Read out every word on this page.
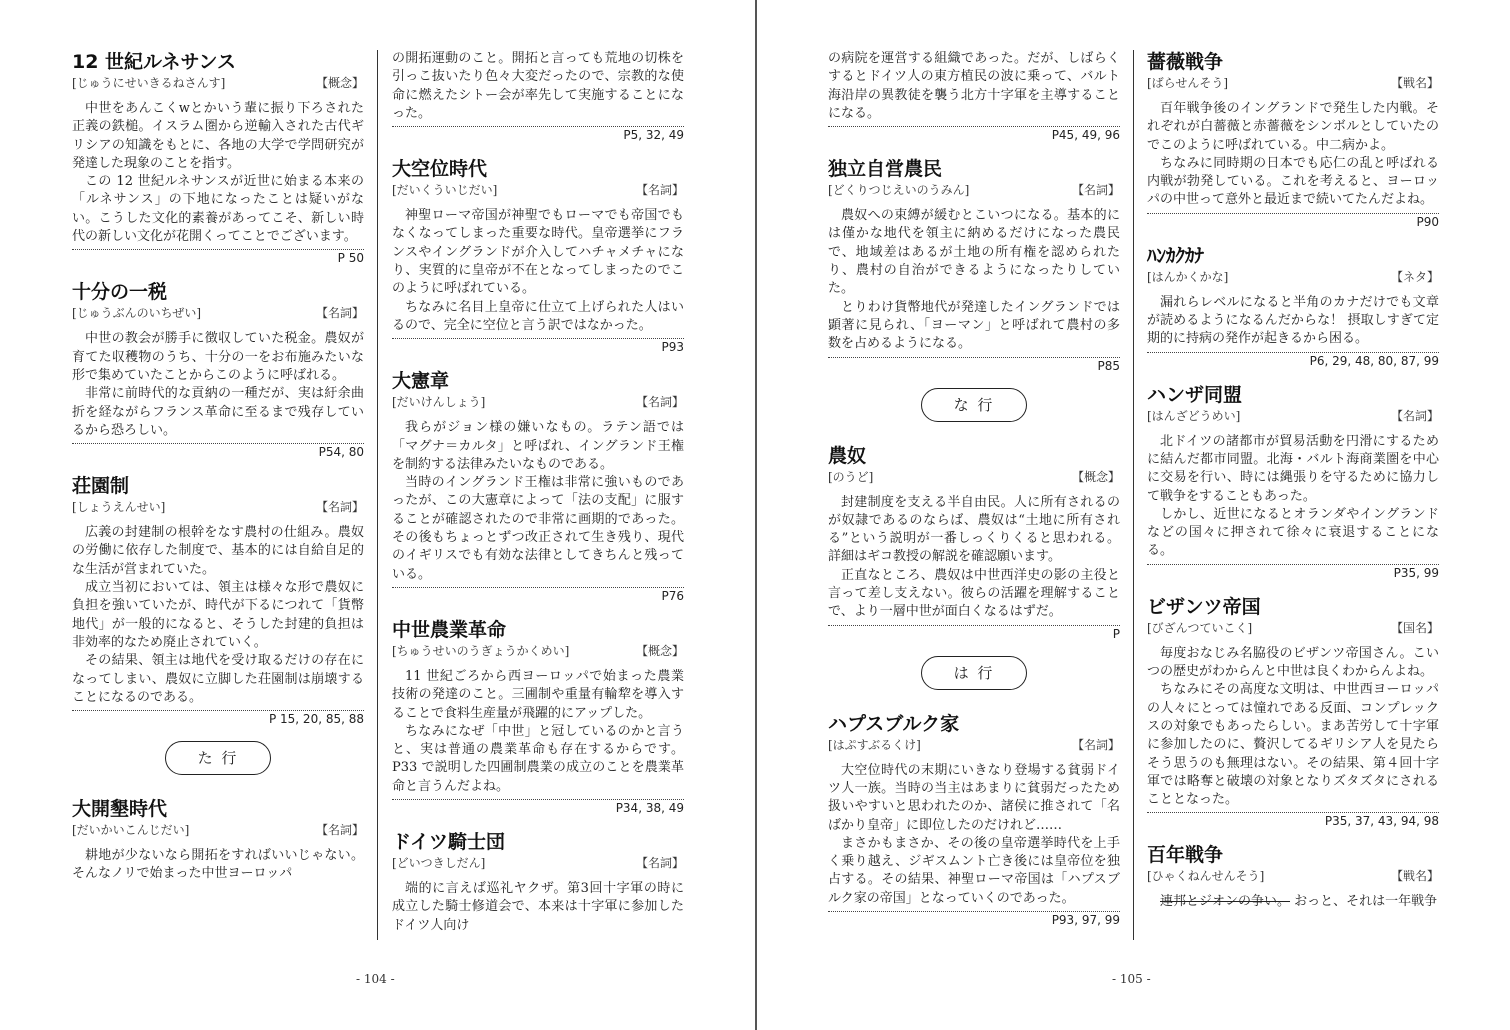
12 世紀ルネサンス
[じゅうにせいきるねさんす]	【概念】

中世をあんこくwとかいう輩に振り下ろされた正義の鉄槌。イスラム圏から逆輸入された古代ギリシアの知識をもとに、各地の大学で学問研究が発達した現象のことを指す。

この 12 世紀ルネサンスが近世に始まる本来の「ルネサンス」の下地になったことは疑いがない。こうした文化的素養があってこそ、新しい時代の新しい文化が花開くってことでございます。

P 50
十分の一税
[じゅうぶんのいちぜい]	【名詞】

中世の教会が勝手に徴収していた税金。農奴が育てた収穫物のうち、十分の一をお布施みたいな形で集めていたことからこのように呼ばれる。

非常に前時代的な貢納の一種だが、実は紆余曲折を経ながらフランス革命に至るまで残存しているから恐ろしい。

P54, 80
荘園制
[しょうえんせい]	【名詞】

広義の封建制の根幹をなす農村の仕組み。農奴の労働に依存した制度で、基本的には自給自足的な生活が営まれていた。

成立当初においては、領主は様々な形で農奴に負担を強いていたが、時代が下るにつれて「貨幣地代」が一般的になると、そうした封建的負担は非効率的なため廃止されていく。

その結果、領主は地代を受け取るだけの存在になってしまい、農奴に立脚した荘園制は崩壊することになるのである。

P 15, 20, 85, 88
た 行
大開墾時代
[だいかいこんじだい]	【名詞】

耕地が少ないなら開拓をすればいいじゃない。そんなノリで始まった中世ヨーロッパ

の開拓運動のこと。開拓と言っても荒地の切株を引っこ抜いたり色々大変だったので、宗教的な使命に燃えたシトー会が率先して実施することになった。

P5, 32, 49
大空位時代
[だいくういじだい]	【名詞】

神聖ローマ帝国が神聖でもローマでも帝国でもなくなってしまった重要な時代。皇帝選挙にフランスやイングランドが介入してハチャメチャになり、実質的に皇帝が不在となってしまったのでこのように呼ばれている。

ちなみに名目上皇帝に仕立て上げられた人はいるので、完全に空位と言う訳ではなかった。

P93
大憲章
[だいけんしょう]	【名詞】

我らがジョン様の嫌いなもの。ラテン語では「マグナ＝カルタ」と呼ばれ、イングランド王権を制約する法律みたいなものである。

当時のイングランド王権は非常に強いものであったが、この大憲章によって「法の支配」に服することが確認されたので非常に画期的であった。その後もちょっとずつ改正されて生き残り、現代のイギリスでも有効な法律としてきちんと残っている。

P76
中世農業革命
[ちゅうせいのうぎょうかくめい]	【概念】

11 世紀ごろから西ヨーロッパで始まった農業技術の発達のこと。三圃制や重量有輪犂を導入することで食料生産量が飛躍的にアップした。

ちなみになぜ「中世」と冠しているのかと言うと、実は普通の農業革命も存在するからです。P33 で説明した四圃制農業の成立のことを農業革命と言うんだよね。

P34, 38, 49
ドイツ騎士団
[どいつきしだん]	【名詞】

端的に言えば巡礼ヤクザ。第3回十字軍の時に成立した騎士修道会で、本来は十字軍に参加したドイツ人向け

- 104 -

の病院を運営する組織であった。だが、しばらくするとドイツ人の東方植民の波に乗って、バルト海沿岸の異教徒を襲う北方十字軍を主導することになる。

P45, 49, 96
独立自営農民
[どくりつじえいのうみん]	【名詞】

農奴への束縛が緩むとこいつになる。基本的には僅かな地代を領主に納めるだけになった農民で、地域差はあるが土地の所有権を認められたり、農村の自治ができるようになったりしていた。

とりわけ貨幣地代が発達したイングランドでは顕著に見られ、「ヨーマン」と呼ばれて農村の多数を占めるようになる。

P85
な 行
農奴
[のうど]	【概念】

封建制度を支える半自由民。人に所有されるのが奴隷であるのならば、農奴は“土地に所有される”という説明が一番しっくりくると思われる。詳細はギコ教授の解説を確認願います。

正直なところ、農奴は中世西洋史の影の主役と言って差し支えない。彼らの活躍を理解することで、より一層中世が面白くなるはずだ。

P
は 行
ハプスブルク家
[はぷすぶるくけ]	【名詞】

大空位時代の末期にいきなり登場する貧弱ドイツ人一族。当時の当主はあまりに貧弱だったため扱いやすいと思われたのか、諸侯に推されて「名ばかり皇帝」に即位したのだけれど……

まさかもまさか、その後の皇帝選挙時代を上手く乗り越え、ジギスムント亡き後には皇帝位を独占する。その結果、神聖ローマ帝国は「ハプスブルク家の帝国」となっていくのであった。

P93, 97, 99
薔薇戦争
[ばらせんそう]	【戦名】

百年戦争後のイングランドで発生した内戦。それぞれが白薔薇と赤薔薇をシンボルとしていたのでこのように呼ばれている。中二病かよ。

ちなみに同時期の日本でも応仁の乱と呼ばれる内戦が勃発している。これを考えると、ヨーロッパの中世って意外と最近まで続いてたんだよね。

P90
ﾊﾝｶｸｶﾅ
[はんかくかな]	【ネタ】

漏れらレベルになると半角のカナだけでも文章が読めるようになるんだからな！ 摂取しすぎて定期的に持病の発作が起きるから困る。

P6, 29, 48, 80, 87, 99
ハンザ同盟
[はんざどうめい]	【名詞】

北ドイツの諸都市が貿易活動を円滑にするために結んだ都市同盟。北海・バルト海商業圏を中心に交易を行い、時には縄張りを守るために協力して戦争をすることもあった。

しかし、近世になるとオランダやイングランドなどの国々に押されて徐々に衰退することになる。

P35, 99
ビザンツ帝国
[びざんつていこく]	【国名】

毎度おなじみ名脇役のビザンツ帝国さん。こいつの歴史がわからんと中世は良くわからんよね。

ちなみにその高度な文明は、中世西ヨーロッパの人々にとっては憧れである反面、コンプレックスの対象でもあったらしい。まあ苦労して十字軍に参加したのに、贅沢してるギリシア人を見たらそう思うのも無理はない。その結果、第４回十字軍では略奪と破壊の対象となりズタズタにされることとなった。

P35, 37, 43, 94, 98
百年戦争
[ひゃくねんせんそう]	【戦名】

連邦とジオンの争い。 おっと、それは一年戦争

- 105 -
